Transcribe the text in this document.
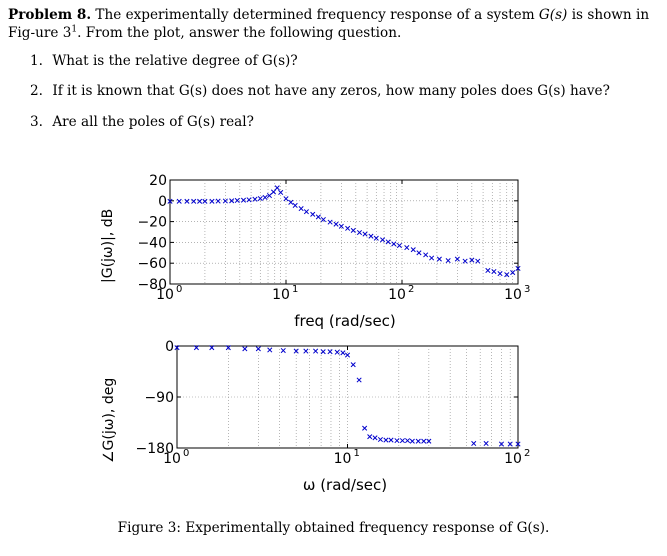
Problem 8. The experimentally determined frequency response of a system G(s) is shown in Fig-ure $3^1$. From the plot, answer the following question.
1. What is the relative degree of G(s)?
2. If it is known that G(s) does not have any zeros, how many poles does G(s) have?
3. Are all the poles of G(s) real?
20
0
−20
−40
−60
−80
10 0	10 1	10 2	10 3
freq (rad/sec)
0
−90
−180
10 0	10 1	10 2
ω (rad/sec)
|G(jω)|, dB
∠G(jω), deg
Figure 3: Experimentally obtained frequency response of G(s).
